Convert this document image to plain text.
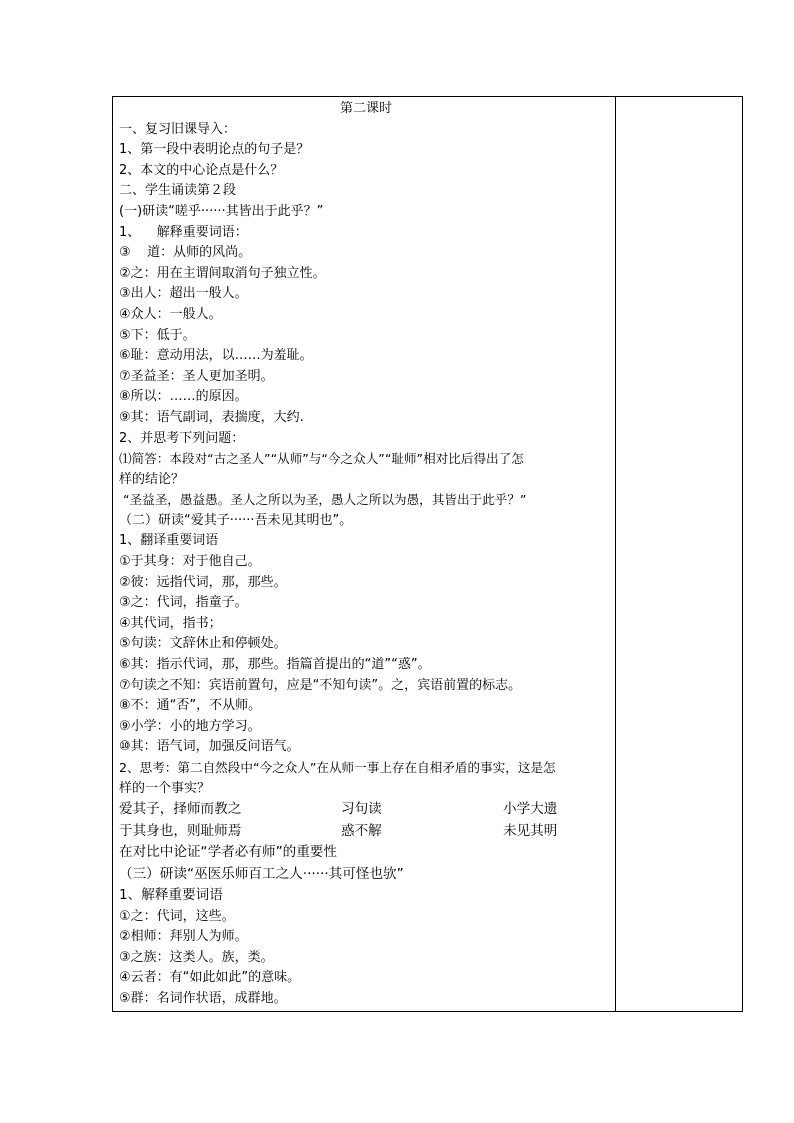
第二课时
一、复习旧课导入：
1、第一段中表明论点的句子是？
2、本文的中心论点是什么？
二、学生诵读第２段
(一)研读“嗟乎······其皆出于此乎？”
1、    解释重要词语：
③    道：从师的风尚。
②之：用在主谓间取消句子独立性。
③出人：超出一般人。
④众人：一般人。
⑤下：低于。
⑥耻：意动用法，以……为羞耻。
⑦圣益圣：圣人更加圣明。
⑧所以：……的原因。
⑨其：语气副词，表揣度，大约.
2、并思考下列问题：
⑴简答：本段对“古之圣人”“从师”与“今之众人”“耻师”相对比后得出了怎
样的结论？
“圣益圣，愚益愚。圣人之所以为圣，愚人之所以为愚，其皆出于此乎？”
（二）研读“爱其子······吾未见其明也”。
1、翻译重要词语
①于其身：对于他自己。
②彼：远指代词，那，那些。
③之：代词，指童子。
④其代词，指书；
⑤句读：文辞休止和停顿处。
⑥其：指示代词，那，那些。指篇首提出的“道”“惑”。
⑦句读之不知：宾语前置句，应是“不知句读”。之，宾语前置的标志。
⑧不：通“否”，不从师。
⑨小学：小的地方学习。
⑩其：语气词，加强反问语气。
2、思考：第二自然段中“今之众人”在从师一事上存在自相矛盾的事实，这是怎
样的一个事实？
爱其子，择师而教之	习句读	小学大遗
于其身也，则耻师焉	惑不解	未见其明
在对比中论证“学者必有师”的重要性
（三）研读“巫医乐师百工之人······其可怪也欤”
1、解释重要词语
①之：代词，这些。
②相师：拜别人为师。
③之族：这类人。族，类。
④云者：有“如此如此”的意味。
⑤群：名词作状语，成群地。
